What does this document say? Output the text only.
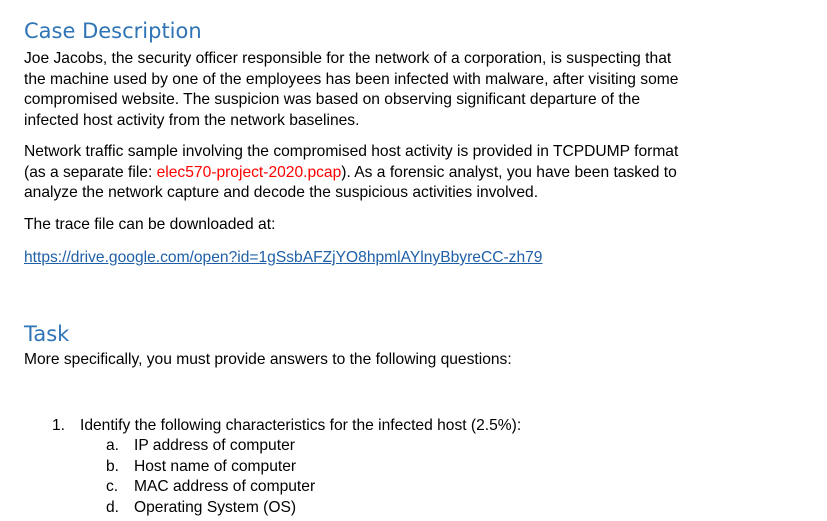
Case Description

Joe Jacobs, the security officer responsible for the network of a corporation, is suspecting that
the machine used by one of the employees has been infected with malware, after visiting some
compromised website. The suspicion was based on observing significant departure of the
infected host activity from the network baselines.

Network traffic sample involving the compromised host activity is provided in TCPDUMP format
(as a separate file: elec570-project-2020.pcap). As a forensic analyst, you have been tasked to
analyze the network capture and decode the suspicious activities involved.

The trace file can be downloaded at:

https://drive.google.com/open?id=1gSsbAFZjYO8hpmlAYlnyBbyreCC-zh79

Task

More specifically, you must provide answers to the following questions:

1. Identify the following characteristics for the infected host (2.5%):
a. IP address of computer
b. Host name of computer
c. MAC address of computer
d. Operating System (OS)
